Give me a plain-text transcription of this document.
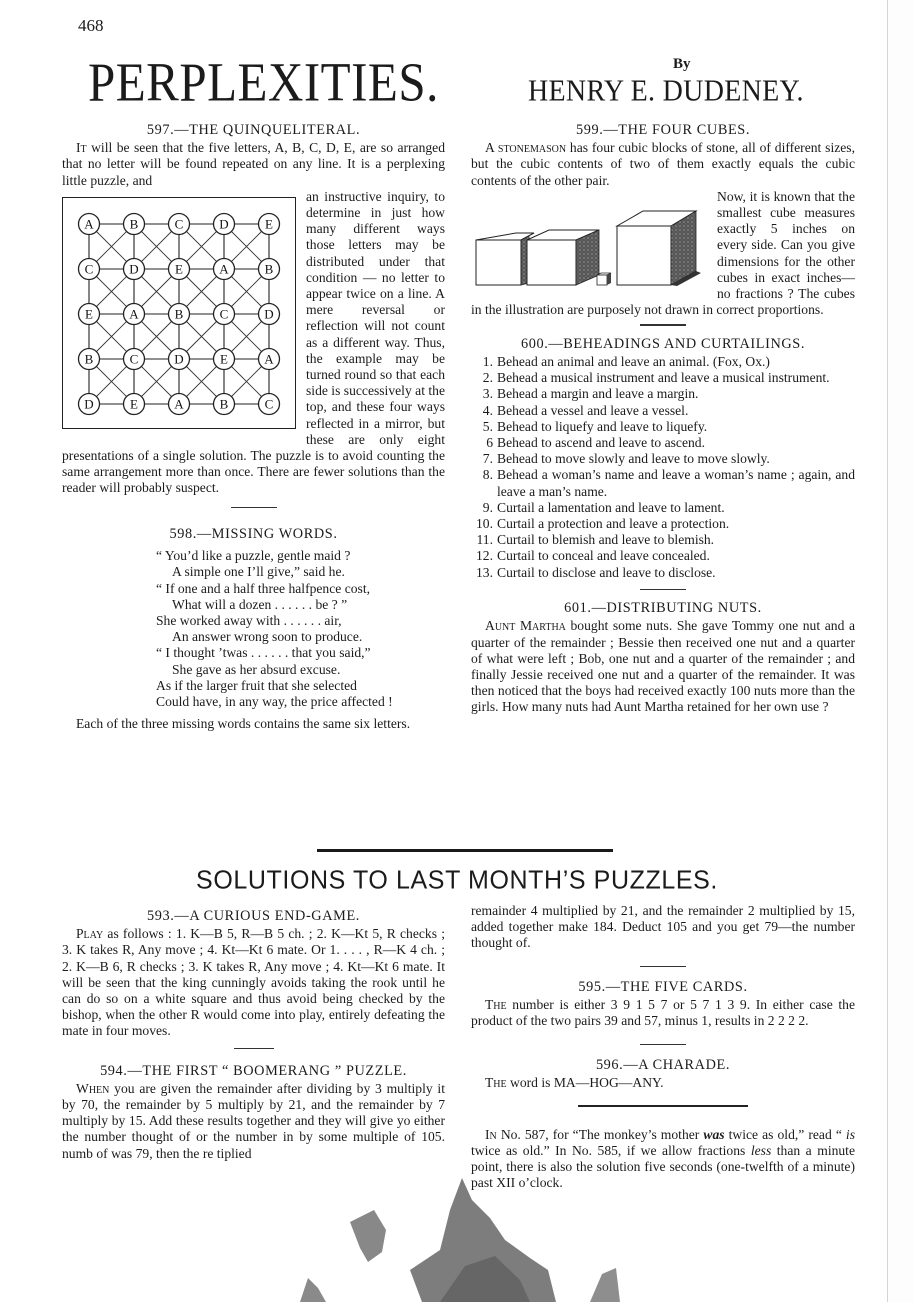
468
PERPLEXITIES.	By
HENRY E. DUDENEY.
597.—THE QUINQUELITERAL.

It will be seen that the five letters, A, B, C, D, E, are so arranged that no letter will be found repeated on any line. It is a perplexing little puzzle, and

A	B	C	D	E
C	D	E	A	B
E	A	B	C	D
B	C	D	E	A
D	E	A	B	C

an instructive inquiry, to determine in just how many different ways those letters may be distributed under that condition — no letter to appear twice on a line. A mere reversal or reflection will not count as a different way. Thus, the example may be turned round so that each side is successively at the top, and these four ways reflected in a mirror, but these are only eight presentations of a single solution. The puzzle is to avoid counting the same arrangement more than once. There are fewer solutions than the reader will probably suspect.

598.—MISSING WORDS.
“ You’d like a puzzle, gentle maid ?
A simple one I’ll give,” said he.
“ If one and a half three halfpence cost,
What will a dozen . . . . . . be ? ”
She worked away with . . . . . . air,
An answer wrong soon to produce.
“ I thought ’twas . . . . . . that you said,”
She gave as her absurd excuse.
As if the larger fruit that she selected
Could have, in any way, the price affected !

Each of the three missing words contains the same six letters.

599.—THE FOUR CUBES.

A stonemason has four cubic blocks of stone, all of different sizes, but the cubic contents of two of them exactly equals the cubic contents of the other pair.

Now, it is known that the smallest cube measures exactly 5 inches on every side. Can you give dimensions for the other cubes in exact inches—no fractions ? The cubes in the illustration are purposely not drawn in correct proportions.

600.—BEHEADINGS AND CURTAILINGS.
1. Behead an animal and leave an animal. (Fox, Ox.)
2. Behead a musical instrument and leave a musical instrument.
3. Behead a margin and leave a margin.
4. Behead a vessel and leave a vessel.
5. Behead to liquefy and leave to liquefy.
6 Behead to ascend and leave to ascend.
7. Behead to move slowly and leave to move slowly.
8. Behead a woman’s name and leave a woman’s name ; again, and leave a man’s name.
9. Curtail a lamentation and leave to lament.
10. Curtail a protection and leave a protection.
11. Curtail to blemish and leave to blemish.
12. Curtail to conceal and leave concealed.
13. Curtail to disclose and leave to disclose.
601.—DISTRIBUTING NUTS.

Aunt Martha bought some nuts. She gave Tommy one nut and a quarter of the remainder ; Bessie then received one nut and a quarter of what were left ; Bob, one nut and a quarter of the remainder ; and finally Jessie received one nut and a quarter of the remainder. It was then noticed that the boys had received exactly 100 nuts more than the girls. How many nuts had Aunt Martha retained for her own use ?

SOLUTIONS TO LAST MONTH’S PUZZLES.
593.—A CURIOUS END-GAME.

Play as follows : 1. K—B 5, R—B 5 ch. ; 2. K—Kt 5, R checks ; 3. K takes R, Any move ; 4. Kt—Kt 6 mate. Or 1. . . . , R—K 4 ch. ; 2. K—B 6, R checks ; 3. K takes R, Any move ; 4. Kt—Kt 6 mate. It will be seen that the king cunningly avoids taking the rook until he can do so on a white square and thus avoid being checked by the bishop, when the other R would come into play, entirely defeating the mate in four moves.

594.—THE FIRST “ BOOMERANG ” PUZZLE.

When you are given the remainder after dividing by 3 multiply it by 70, the remainder by 5 multiply by 21, and the remainder by 7 multiply by 15. Add these results together and they will give yo either the number thought of or the number in by some multiple of 105. numb of was 79, then the re tiplied

remainder 4 multiplied by 21, and the remainder 2 multiplied by 15, added together make 184. Deduct 105 and you get 79—the number thought of.

595.—THE FIVE CARDS.

The number is either 3 9 1 5 7 or 5 7 1 3 9. In either case the product of the two pairs 39 and 57, minus 1, results in 2 2 2 2.

596.—A CHARADE.

The word is MA—HOG—ANY.

In No. 587, for “The monkey’s mother was twice as old,” read “ is twice as old.” In No. 585, if we allow fractions less than a minute point, there is also the solution five seconds (one-twelfth of a minute) past XII o’clock.
